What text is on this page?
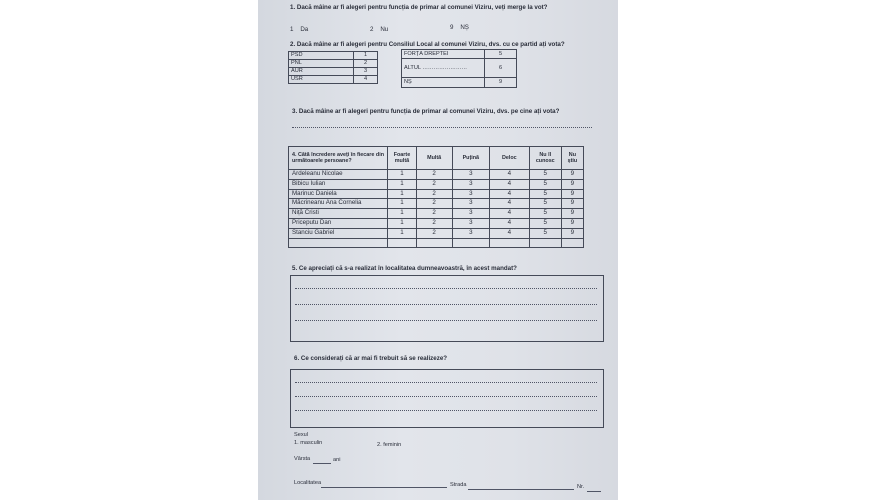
1. Dacă mâine ar fi alegeri pentru funcția de primar al comunei Viziru, veți merge la vot?
1 Da	2 Nu	9 NȘ
2. Dacă mâine ar fi alegeri pentru Consiliul Local al comunei Viziru, dvs. cu ce partid ați vota?
PSD	1
PNL	2
AUR	3
USR	4
FORȚA DREPTEI	5
ALTUL ……………………	6
NȘ	9
3. Dacă mâine ar fi alegeri pentru funcția de primar al comunei Viziru, dvs. pe cine ați vota?
4. Câtă încredere aveți în fiecare din următoarele persoane?	Foarte multă	Multă	Puțină	Deloc	Nu îl cunosc	Nu știu
Ardeleanu Nicolae	1	2	3	4	5	9
Bibicu Iulian	1	2	3	4	5	9
Marinuc Daniela	1	2	3	4	5	9
Măcrineanu Ana Cornelia	1	2	3	4	5	9
Niță Cristi	1	2	3	4	5	9
Priceputu Dan	1	2	3	4	5	9
Stanciu Gabriel	1	2	3	4	5	9

5. Ce apreciați că s-a realizat în localitatea dumneavoastră, în acest mandat?
6. Ce considerați că ar mai fi trebuit să se realizeze?
Sexul
1. masculin	2. feminin
Vârsta	ani
Localitatea	Strada	Nr.
